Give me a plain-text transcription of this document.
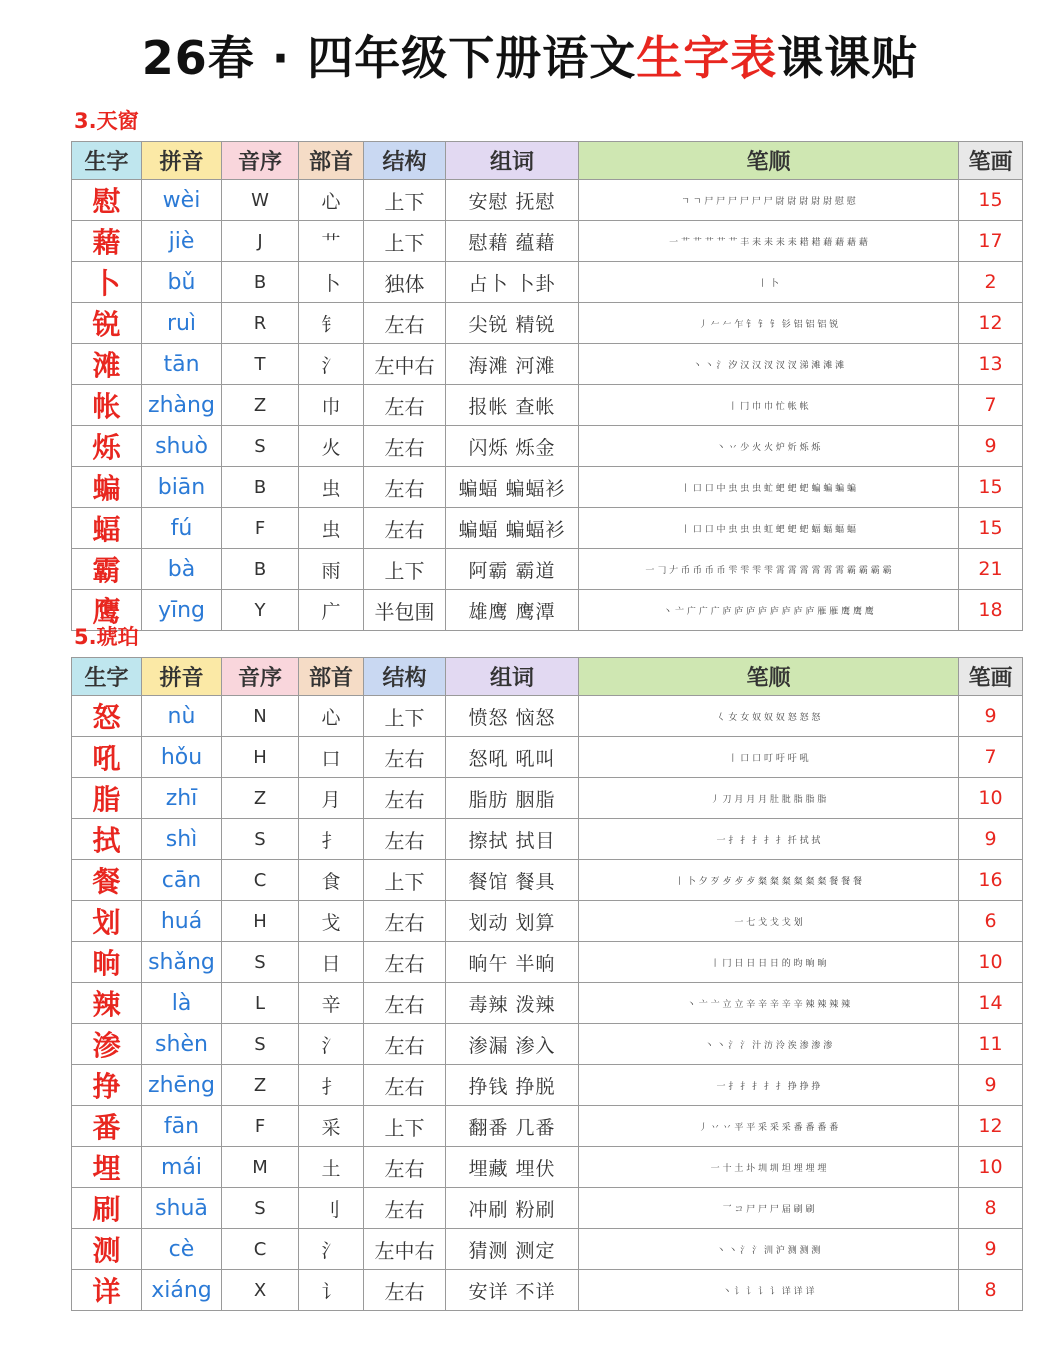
26春 · 四年级下册语文生字表课课贴
3.天窗
生字	拼音	音序	部首	结构	组词	笔顺	笔画
慰	wèi	W	心	上下	安慰 抚慰	ㄱ ㄱ 尸 尸 尸 尸 尸 尸 尉 尉 尉 尉 尉 慰 慰	15
藉	jiè	J	艹	上下	慰藉 蕴藉	一 艹 艹 艹 艹 艹 丰 耒 耒 耒 耒 耤 耤 藉 藉 藉 藉	17
卜	bǔ	B	卜	独体	占卜 卜卦	丨 卜	2
锐	ruì	R	钅	左右	尖锐 精锐	丿 𠂉 𠂉 乍 钅 钅 钅 钐 铝 铝 铝 锐	12
滩	tān	T	氵	左中右	海滩 河滩	丶 丶 氵 汐 汉 汉 汊 汊 汊 涕 滩 滩 滩	13
帐	zhàng	Z	巾	左右	报帐 查帐	丨 冂 巾 巾 忙 帐 帐	7
烁	shuò	S	火	左右	闪烁 烁金	丶 丷 少 火 火 炉 炘 烁 烁	9
蝙	biān	B	虫	左右	蝙蝠 蝙蝠衫	丨 口 口 中 虫 虫 虫 虻 蚆 蚆 蚆 蝙 蝙 蝙 蝙	15
蝠	fú	F	虫	左右	蝙蝠 蝙蝠衫	丨 口 口 中 虫 虫 虫 虹 蚆 蚆 蚆 蝠 蝠 蝠 蝠	15
霸	bà	B	雨	上下	阿霸 霸道	一 𠃌 𠂇 币 币 币 币 雫 雫 雫 雫 霄 霄 霄 霄 霄 霄 霸 霸 霸 霸	21
鹰	yīng	Y	广	半包围	雄鹰 鹰潭	丶 亠 广 广 广 庐 庐 庐 庐 庐 庐 庐 庐 雁 雁 鹰 鹰 鹰	18
5.琥珀
生字	拼音	音序	部首	结构	组词	笔顺	笔画
怒	nù	N	心	上下	愤怒 恼怒	𡿨 女 女 奴 奴 奴 怒 怒 怒	9
吼	hǒu	H	口	左右	怒吼 吼叫	丨 口 口 叮 吁 吁 吼	7
脂	zhī	Z	月	左右	脂肪 胭脂	丿 刀 月 月 月 肚 肶 脂 脂 脂	10
拭	shì	S	扌	左右	擦拭 拭目	一 扌 扌 扌 扌 扌 扦 拭 拭	9
餐	cān	C	食	上下	餐馆 餐具	丨 卜 夕 歹 歺 歺 歺 粲 粲 粲 粲 粲 粲 餐 餐 餐	16
划	huá	H	戈	左右	划动 划算	一 七 戈 戈 戈 划	6
晌	shǎng	S	日	左右	晌午 半晌	丨 冂 日 日 日 日 的 昀 晌 晌	10
辣	là	L	辛	左右	毒辣 泼辣	丶 亠 亠 立 立 辛 辛 辛 辛 辛 辣 辣 辣 辣	14
渗	shèn	S	氵	左右	渗漏 渗入	丶 丶 氵 氵 汁 汸 泠 涘 渗 渗 渗	11
挣	zhēng	Z	扌	左右	挣钱 挣脱	一 扌 扌 扌 扌 扌 挣 挣 挣	9
番	fān	F	采	上下	翻番 几番	丿 丷 丷 平 平 采 采 采 番 番 番 番	12
埋	mái	M	土	左右	埋藏 埋伏	一 十 土 圤 圳 圳 坦 埋 埋 埋	10
刷	shuā	S	刂	左右	冲刷 粉刷	乛 コ 尸 尸 尸 届 刷 刷	8
测	cè	C	氵	左中右	猜测 测定	丶 丶 氵 氵 汌 沪 测 测 测	9
详	xiáng	X	讠	左右	安详 不详	丶 讠 讠 讠 讠 详 详 详	8
